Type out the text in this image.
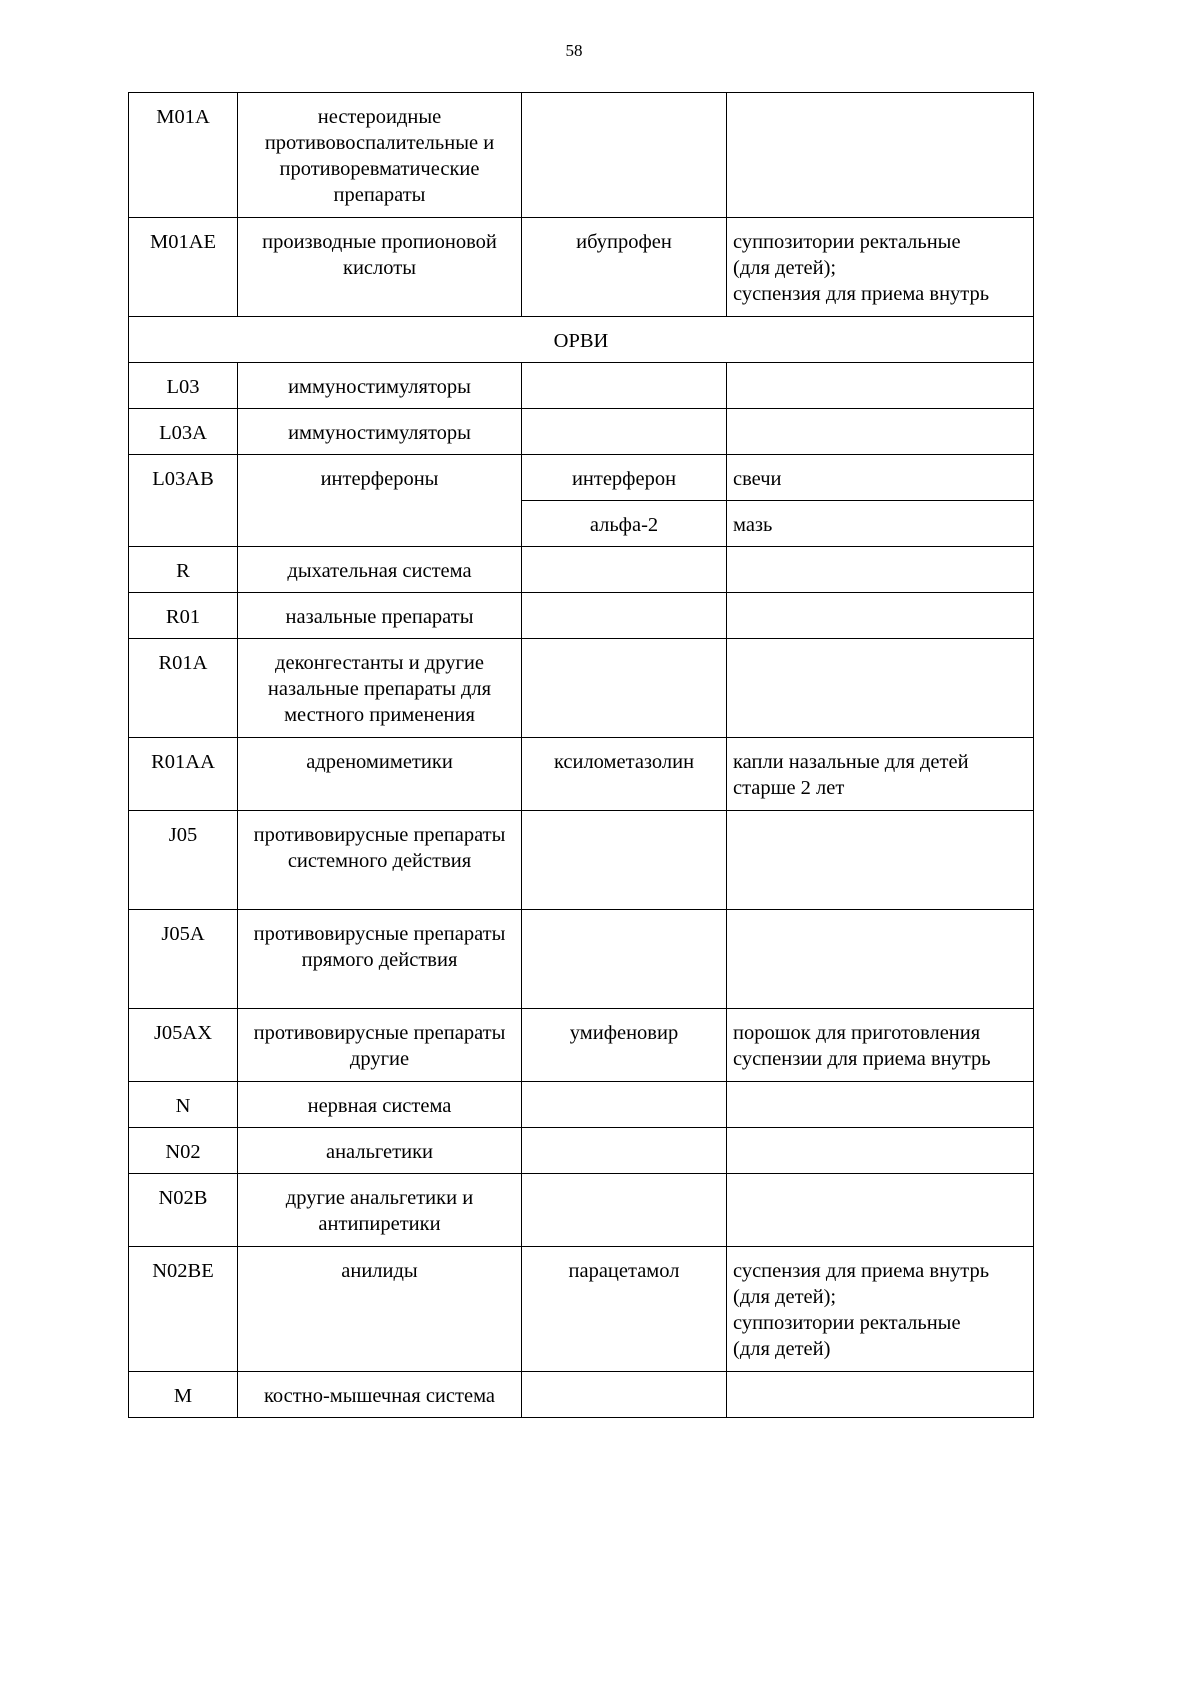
58
M01A	нестероидные противовоспалительные и противоревматические препараты		
M01AE	производные пропионовой кислоты	ибупрофен	суппозитории ректальные
(для детей);
суспензия для приема внутрь

ОРВИ			
L03	иммуностимуляторы		
L03A	иммуностимуляторы		
L03AB	интерфероны	интерферон	свечи
		альфа-2	мазь
R	дыхательная система		
R01	назальные препараты		
R01A	деконгестанты и другие назальные препараты для местного применения		
R01AA	адреномиметики	ксилометазолин	капли назальные для детей
старше 2 лет

J05	противовирусные препараты системного действия		
J05A	противовирусные препараты прямого действия		
J05AX	противовирусные препараты другие	умифеновир	порошок для приготовления
суспензии для приема внутрь

N	нервная система		
N02	анальгетики		
N02B	другие анальгетики и антипиретики		
N02BE	анилиды	парацетамол	суспензия для приема внутрь
(для детей);
суппозитории ректальные
(для детей)

M	костно-мышечная система		
